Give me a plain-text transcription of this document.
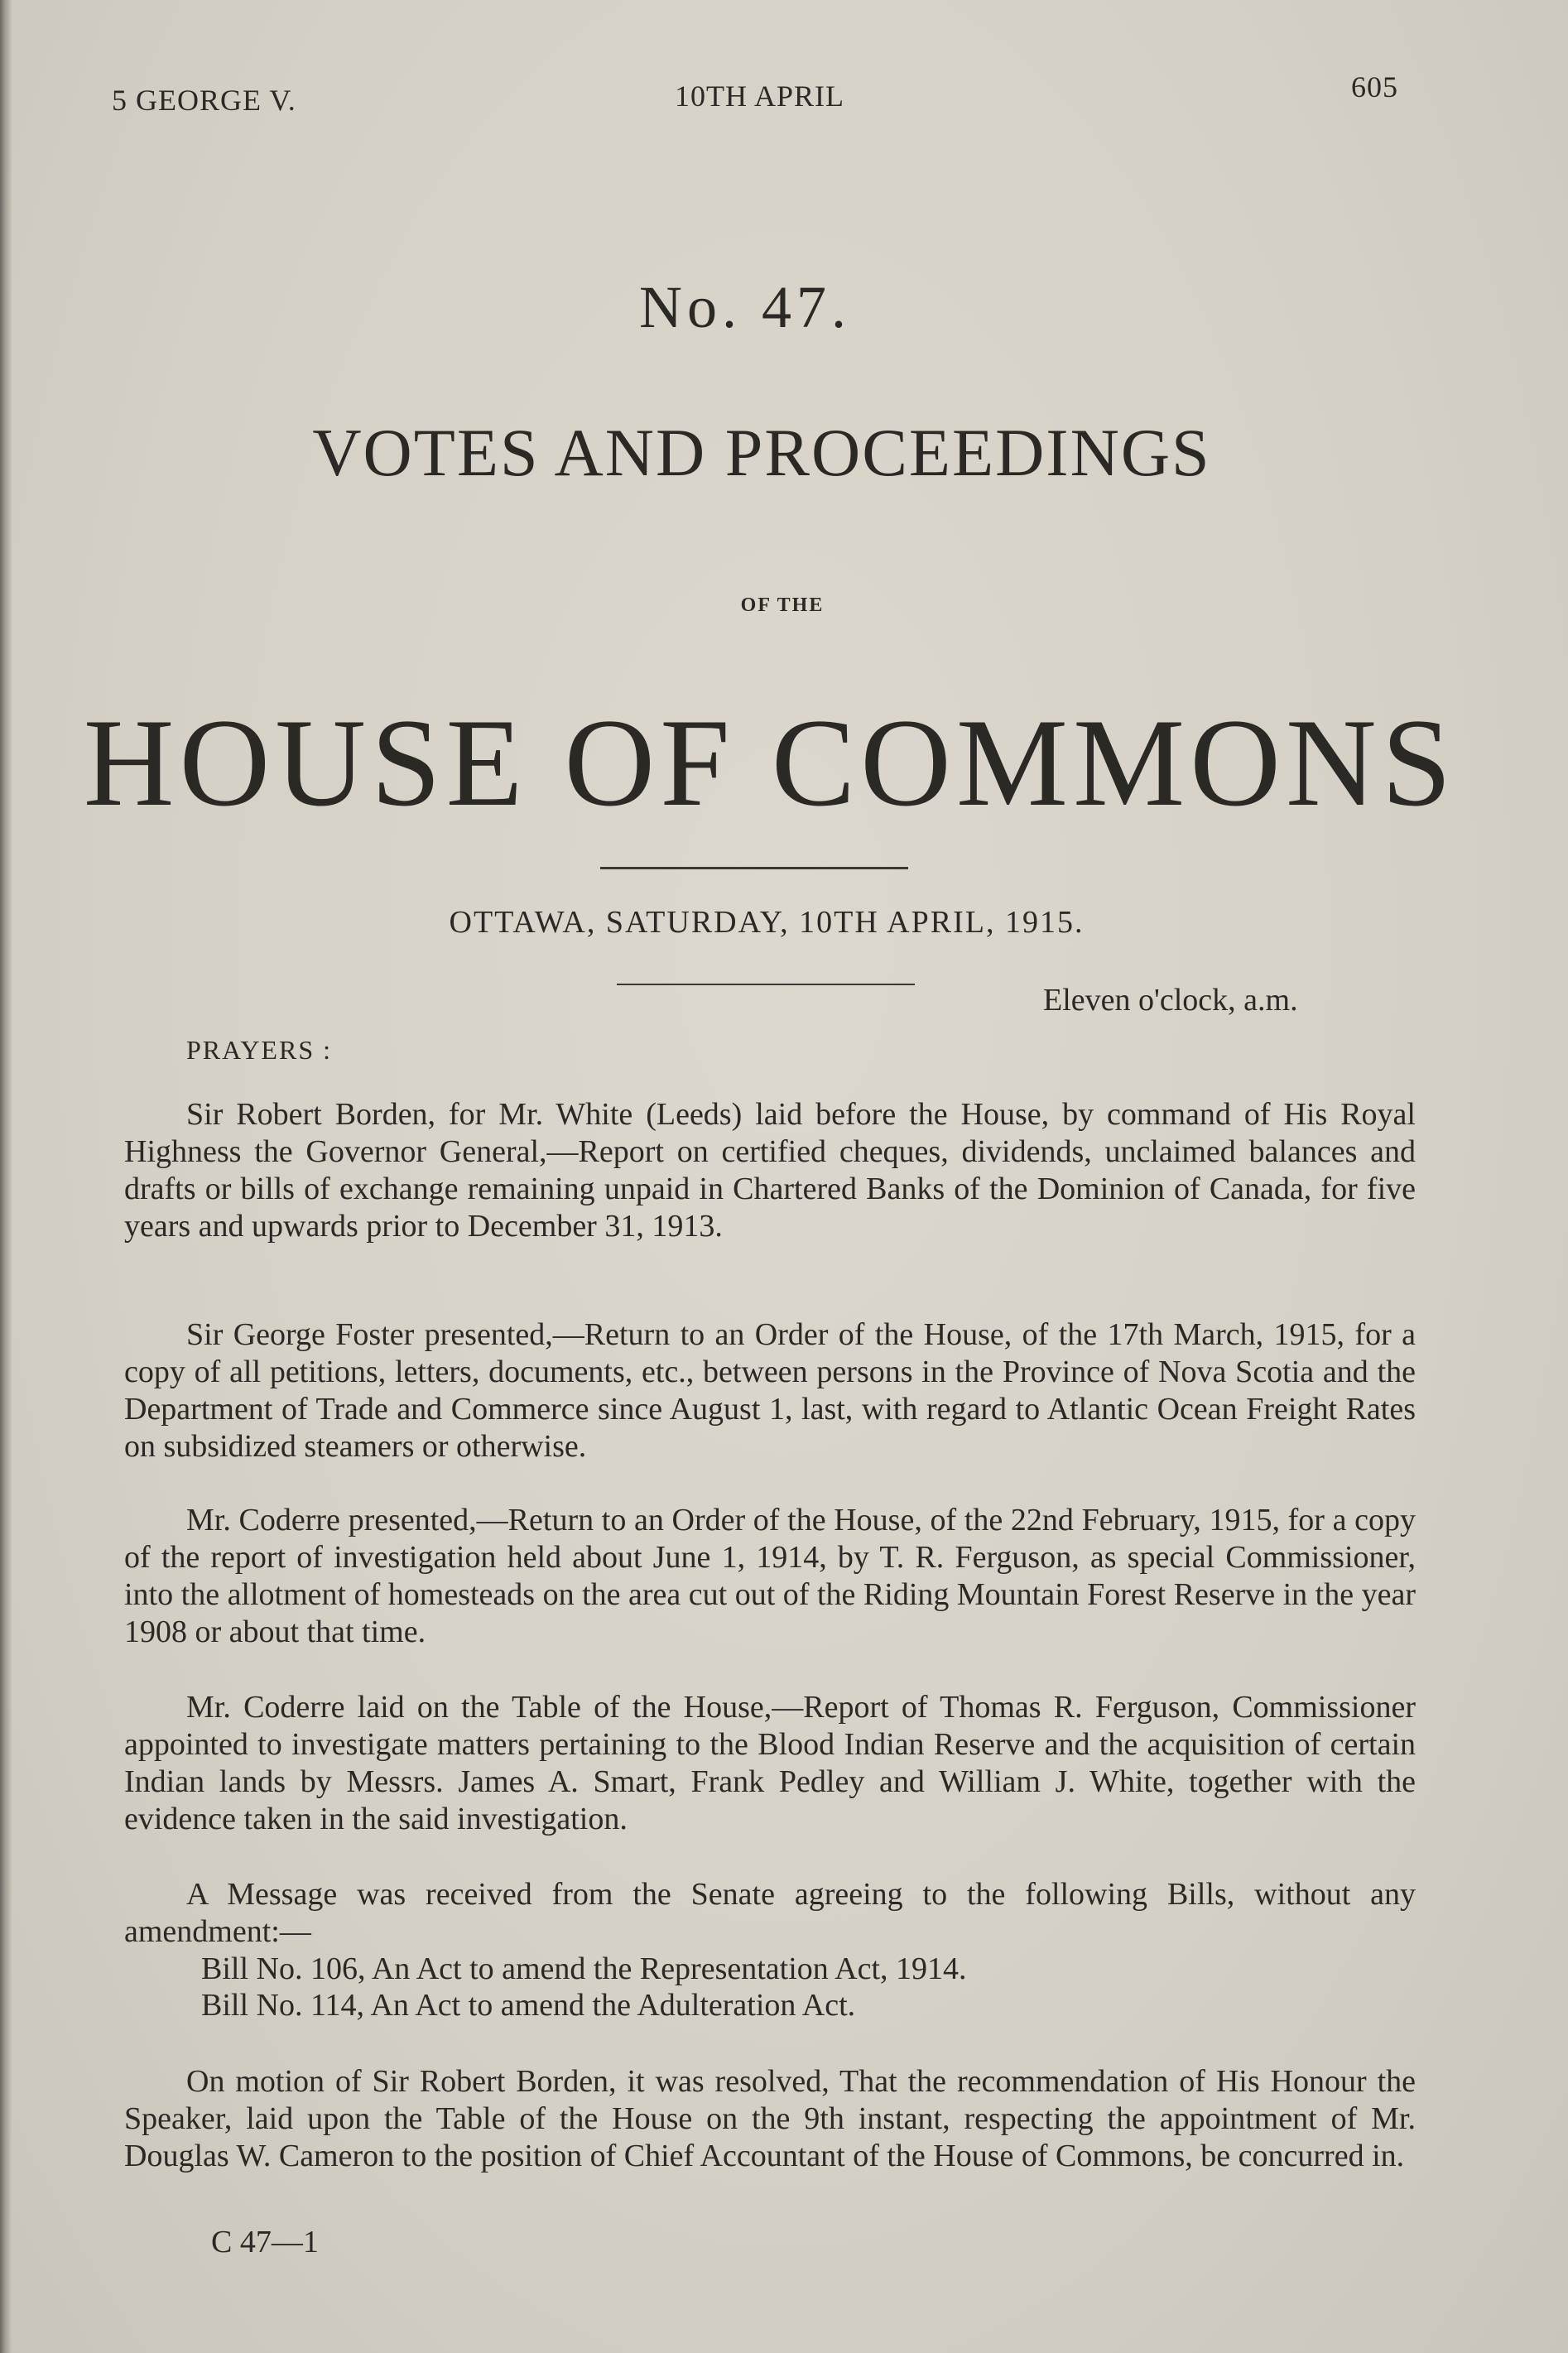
5 GEORGE V.	10TH APRIL	605
No. 47.
VOTES AND PROCEEDINGS
OF THE
HOUSE OF COMMONS
OTTAWA, SATURDAY, 10TH APRIL, 1915.
Eleven o'clock, a.m.
PRAYERS :

Sir Robert Borden, for Mr. White (Leeds) laid before the House, by command of His Royal Highness the Governor General,—Report on certified cheques, dividends, unclaimed balances and drafts or bills of exchange remaining unpaid in Chartered Banks of the Dominion of Canada, for five years and upwards prior to December 31, 1913.

Sir George Foster presented,—Return to an Order of the House, of the 17th March, 1915, for a copy of all petitions, letters, documents, etc., between persons in the Province of Nova Scotia and the Department of Trade and Commerce since August 1, last, with regard to Atlantic Ocean Freight Rates on subsidized steamers or otherwise.

Mr. Coderre presented,—Return to an Order of the House, of the 22nd February, 1915, for a copy of the report of investigation held about June 1, 1914, by T. R. Ferguson, as special Commissioner, into the allotment of homesteads on the area cut out of the Riding Mountain Forest Reserve in the year 1908 or about that time.

Mr. Coderre laid on the Table of the House,—Report of Thomas R. Ferguson, Commissioner appointed to investigate matters pertaining to the Blood Indian Reserve and the acquisition of certain Indian lands by Messrs. James A. Smart, Frank Pedley and William J. White, together with the evidence taken in the said investigation.

A Message was received from the Senate agreeing to the following Bills, without any amendment:—

Bill No. 106, An Act to amend the Representation Act, 1914.
Bill No. 114, An Act to amend the Adulteration Act.

On motion of Sir Robert Borden, it was resolved, That the recommendation of His Honour the Speaker, laid upon the Table of the House on the 9th instant, respecting the appointment of Mr. Douglas W. Cameron to the position of Chief Accountant of the House of Commons, be concurred in.

C 47—1
